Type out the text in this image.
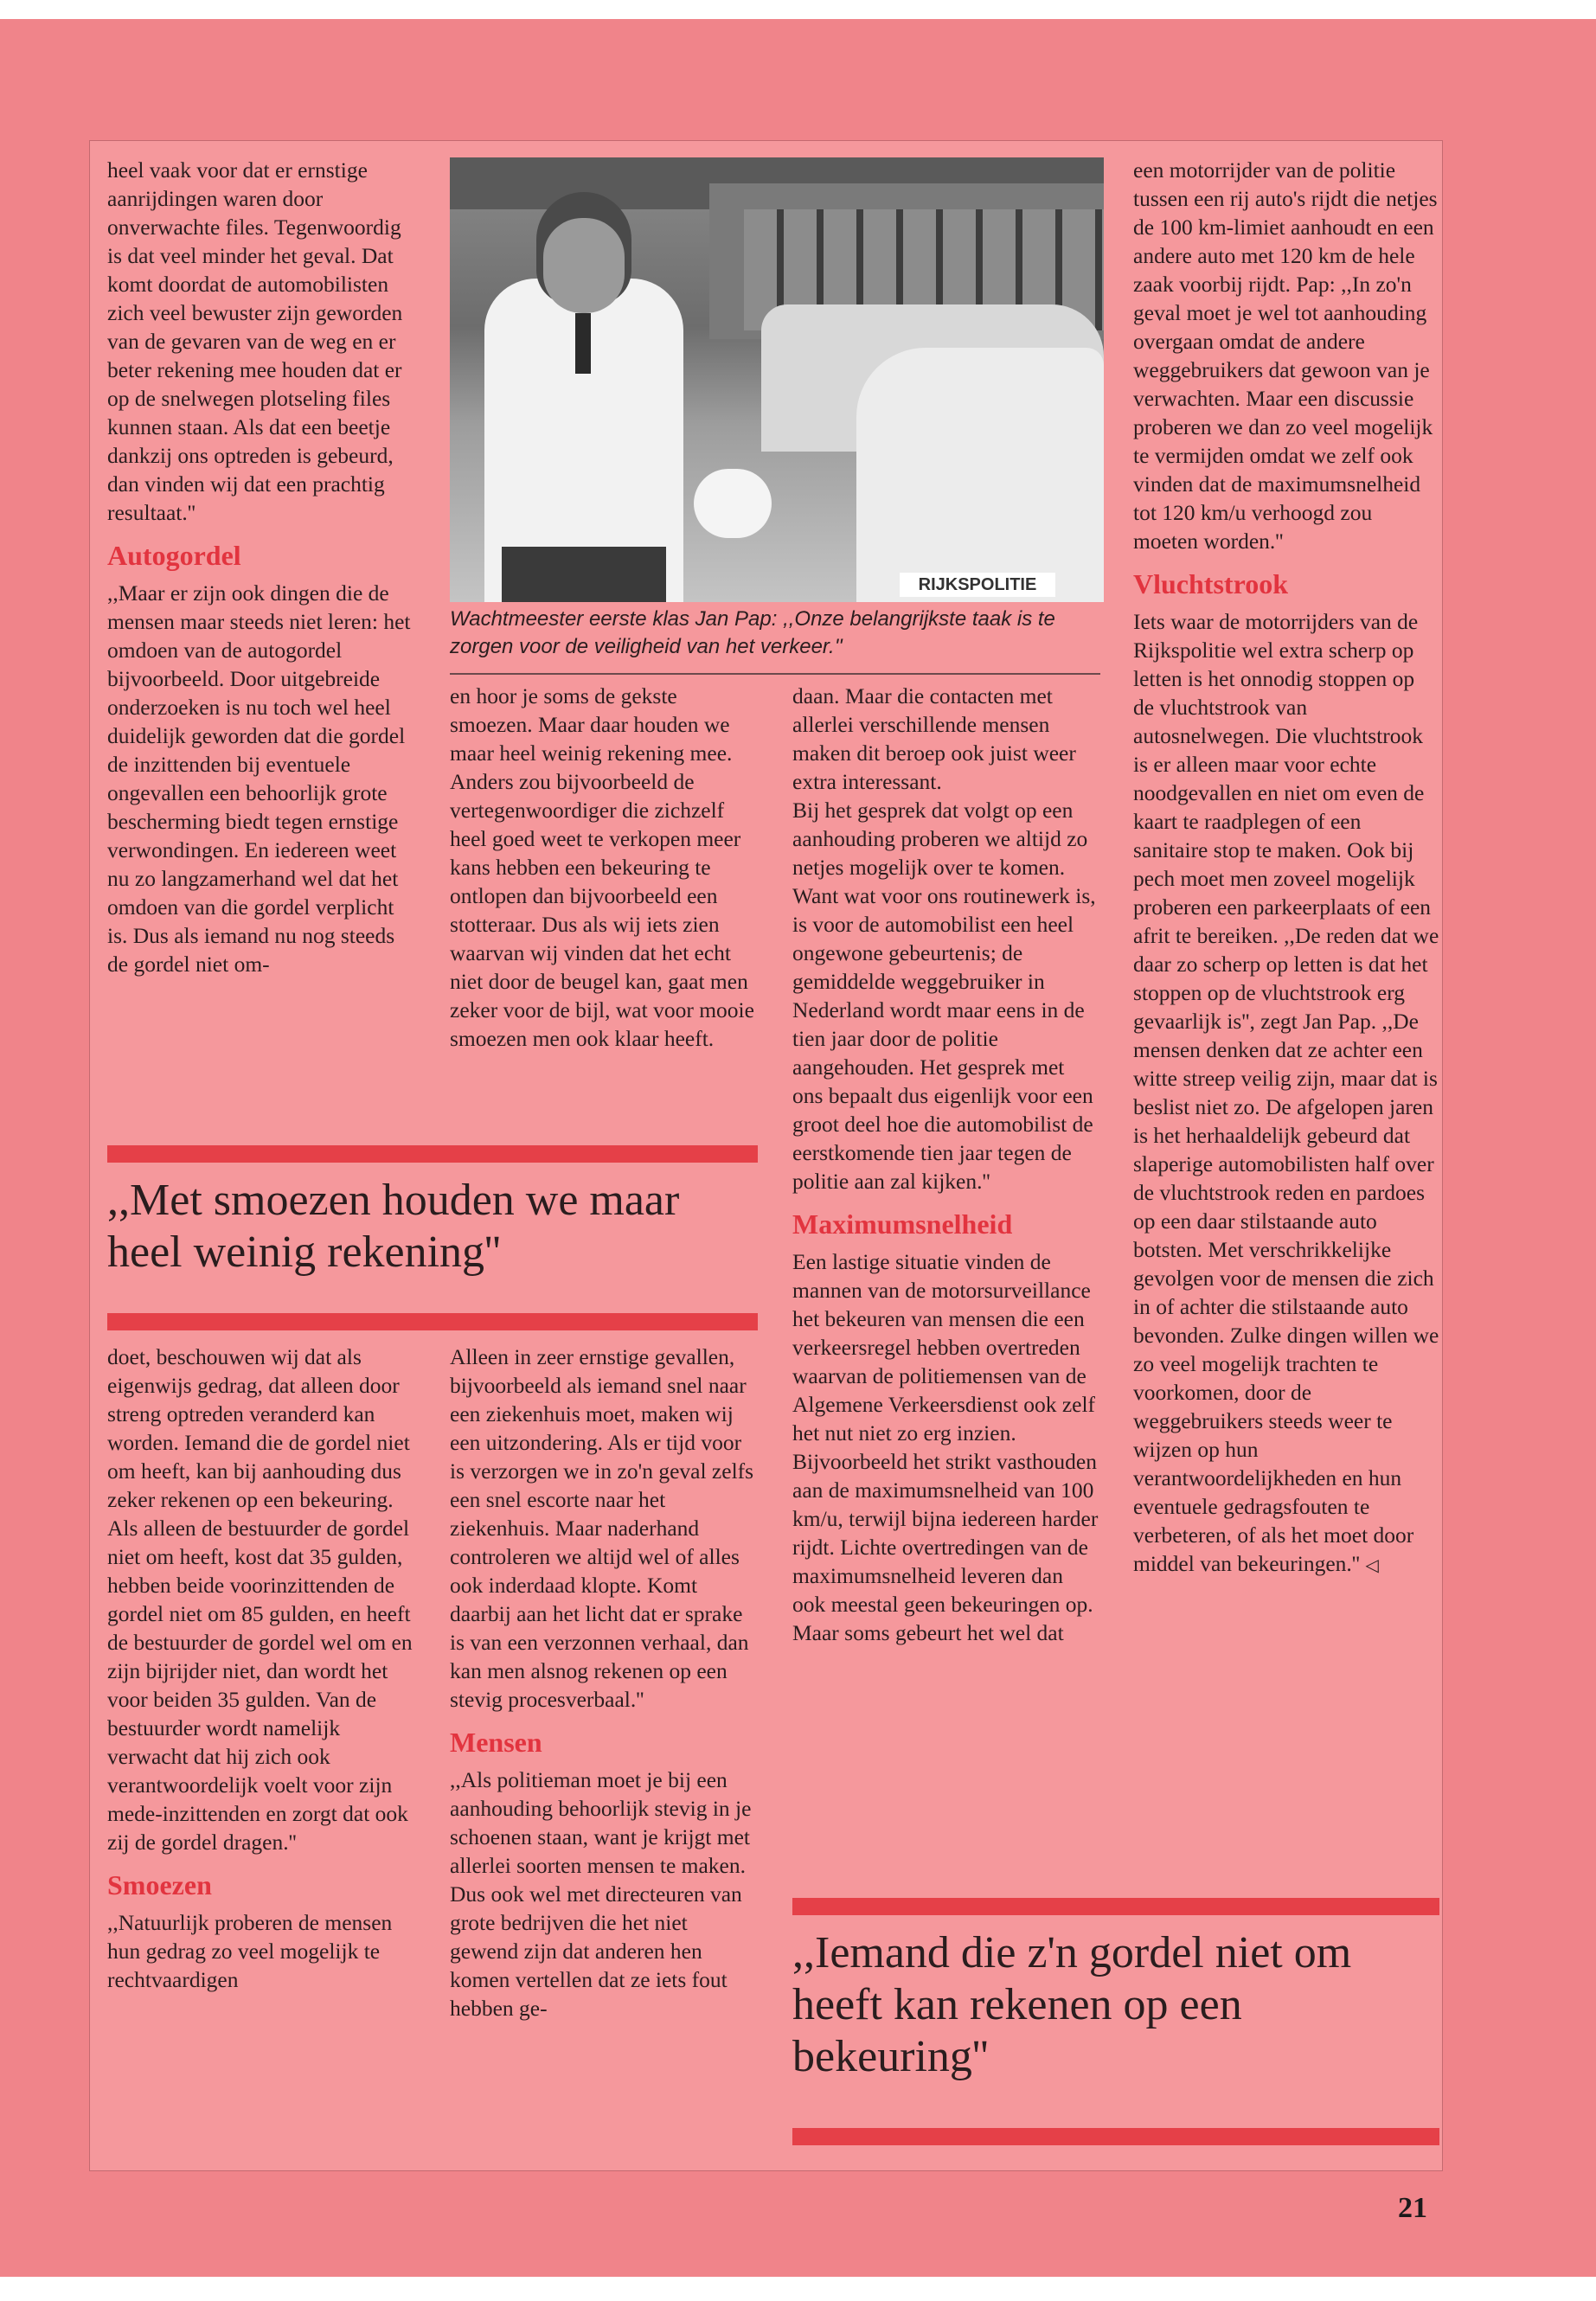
heel vaak voor dat er ernstige aanrijdingen waren door onverwachte files. Tegenwoordig is dat veel minder het geval. Dat komt doordat de automobilisten zich veel bewuster zijn geworden van de gevaren van de weg en er beter rekening mee houden dat er op de snelwegen plotseling files kunnen staan. Als dat een beetje dankzij ons optreden is gebeurd, dan vinden wij dat een prachtig resultaat.''

Autogordel

,,Maar er zijn ook dingen die de mensen maar steeds niet leren: het omdoen van de autogordel bijvoorbeeld. Door uitgebreide onderzoeken is nu toch wel heel duidelijk geworden dat die gordel de inzittenden bij eventuele ongevallen een behoorlijk grote bescherming biedt tegen ernstige verwondingen. En iedereen weet nu zo langzamerhand wel dat het omdoen van die gordel verplicht is. Dus als iemand nu nog steeds de gordel niet om-

RIJKSPOLITIE
Wachtmeester eerste klas Jan Pap: ,,Onze belangrijkste taak is te zorgen voor de veiligheid van het verkeer.''

en hoor je soms de gekste smoezen. Maar daar houden we maar heel weinig rekening mee. Anders zou bijvoorbeeld de vertegenwoordiger die zichzelf heel goed weet te verkopen meer kans hebben een bekeuring te ontlopen dan bijvoorbeeld een stotteraar. Dus als wij iets zien waarvan wij vinden dat het echt niet door de beugel kan, gaat men zeker voor de bijl, wat voor mooie smoezen men ook klaar heeft.

daan. Maar die contacten met allerlei verschillende mensen maken dit beroep ook juist weer extra interessant.

Bij het gesprek dat volgt op een aanhouding proberen we altijd zo netjes mogelijk over te komen. Want wat voor ons routinewerk is, is voor de automobilist een heel ongewone gebeurtenis; de gemiddelde weggebruiker in Nederland wordt maar eens in de tien jaar door de politie aangehouden. Het gesprek met ons bepaalt dus eigenlijk voor een groot deel hoe die automobilist de eerstkomende tien jaar tegen de politie aan zal kijken.''

Maximumsnelheid

Een lastige situatie vinden de mannen van de motorsurveillance het bekeuren van mensen die een verkeersregel hebben overtreden waarvan de politiemensen van de Algemene Verkeersdienst ook zelf het nut niet zo erg inzien. Bijvoorbeeld het strikt vasthouden aan de maximumsnelheid van 100 km/u, terwijl bijna iedereen harder rijdt. Lichte overtredingen van de maximumsnelheid leveren dan ook meestal geen bekeuringen op. Maar soms gebeurt het wel dat

een motorrijder van de politie tussen een rij auto's rijdt die netjes de 100 km-limiet aanhoudt en een andere auto met 120 km de hele zaak voorbij rijdt. Pap: ,,In zo'n geval moet je wel tot aanhouding overgaan omdat de andere weggebruikers dat gewoon van je verwachten. Maar een discussie proberen we dan zo veel mogelijk te vermijden omdat we zelf ook vinden dat de maximumsnelheid tot 120 km/u verhoogd zou moeten worden.''

Vluchtstrook

Iets waar de motorrijders van de Rijkspolitie wel extra scherp op letten is het onnodig stoppen op de vluchtstrook van autosnelwegen. Die vluchtstrook is er alleen maar voor echte noodgevallen en niet om even de kaart te raadplegen of een sanitaire stop te maken. Ook bij pech moet men zoveel mogelijk proberen een parkeerplaats of een afrit te bereiken. ,,De reden dat we daar zo scherp op letten is dat het stoppen op de vluchtstrook erg gevaarlijk is'', zegt Jan Pap. ,,De mensen denken dat ze achter een witte streep veilig zijn, maar dat is beslist niet zo. De afgelopen jaren is het herhaaldelijk gebeurd dat slaperige automobilisten half over de vluchtstrook reden en pardoes op een daar stilstaande auto botsten. Met verschrikkelijke gevolgen voor de mensen die zich in of achter die stilstaande auto bevonden. Zulke dingen willen we zo veel mogelijk trachten te voorkomen, door de weggebruikers steeds weer te wijzen op hun verantwoordelijkheden en hun eventuele gedragsfouten te verbeteren, of als het moet door middel van bekeuringen.'' ◁

,,Met smoezen houden we maar heel weinig rekening''

doet, beschouwen wij dat als eigenwijs gedrag, dat alleen door streng optreden veranderd kan worden. Iemand die de gordel niet om heeft, kan bij aanhouding dus zeker rekenen op een bekeuring. Als alleen de bestuurder de gordel niet om heeft, kost dat 35 gulden, hebben beide voorinzittenden de gordel niet om 85 gulden, en heeft de bestuurder de gordel wel om en zijn bijrijder niet, dan wordt het voor beiden 35 gulden. Van de bestuurder wordt namelijk verwacht dat hij zich ook verantwoordelijk voelt voor zijn mede-inzittenden en zorgt dat ook zij de gordel dragen.''

Smoezen

,,Natuurlijk proberen de mensen hun gedrag zo veel mogelijk te rechtvaardigen

Alleen in zeer ernstige gevallen, bijvoorbeeld als iemand snel naar een ziekenhuis moet, maken wij een uitzondering. Als er tijd voor is verzorgen we in zo'n geval zelfs een snel escorte naar het ziekenhuis. Maar naderhand controleren we altijd wel of alles ook inderdaad klopte. Komt daarbij aan het licht dat er sprake is van een verzonnen verhaal, dan kan men alsnog rekenen op een stevig procesverbaal.''

Mensen

,,Als politieman moet je bij een aanhouding behoorlijk stevig in je schoenen staan, want je krijgt met allerlei soorten mensen te maken. Dus ook wel met directeuren van grote bedrijven die het niet gewend zijn dat anderen hen komen vertellen dat ze iets fout hebben ge-

,,Iemand die z'n gordel niet om heeft kan rekenen op een bekeuring''
21
